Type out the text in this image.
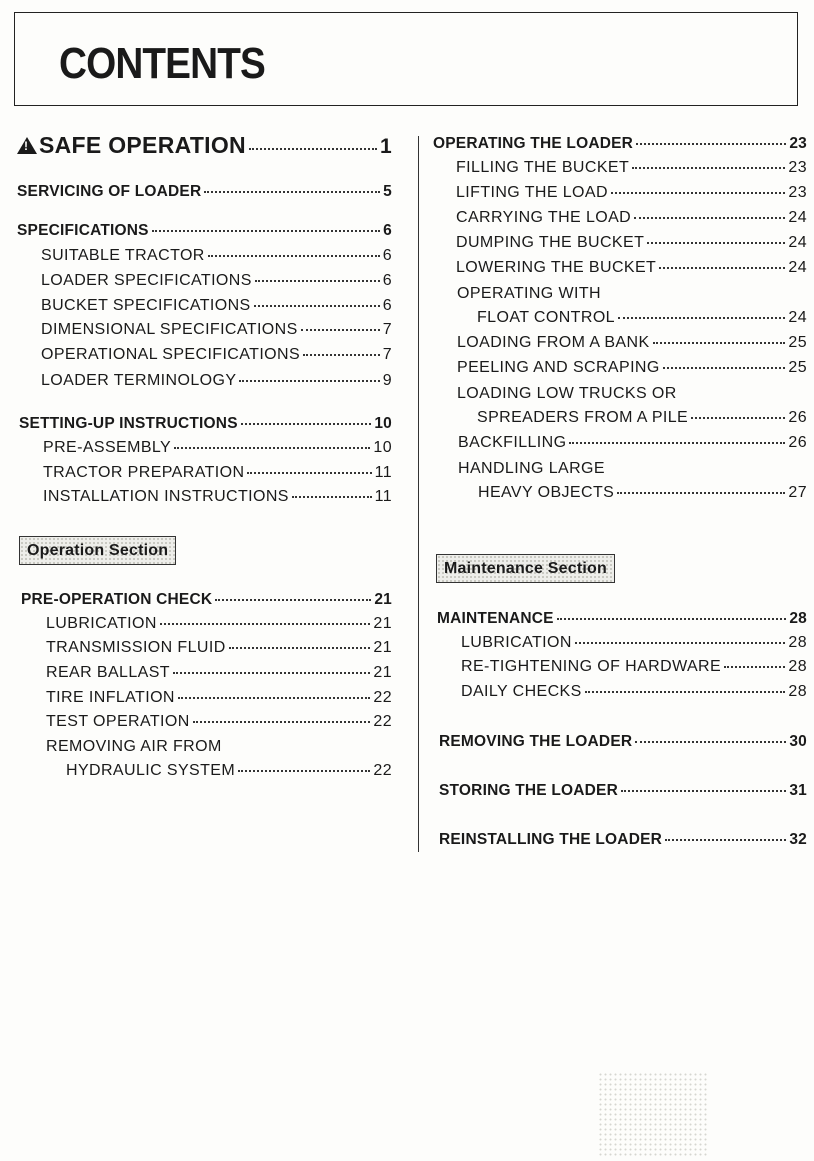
CONTENTS
!SAFE OPERATION	1
SERVICING OF LOADER	5
SPECIFICATIONS	6
SUITABLE TRACTOR	6
LOADER SPECIFICATIONS	6
BUCKET SPECIFICATIONS	6
DIMENSIONAL SPECIFICATIONS	7
OPERATIONAL SPECIFICATIONS	7
LOADER TERMINOLOGY	9
SETTING-UP INSTRUCTIONS	10
PRE-ASSEMBLY	10
TRACTOR PREPARATION	11
INSTALLATION INSTRUCTIONS	11
Operation Section
PRE-OPERATION CHECK	21
LUBRICATION	21
TRANSMISSION FLUID	21
REAR BALLAST	21
TIRE INFLATION	22
TEST OPERATION	22
REMOVING AIR FROM
HYDRAULIC SYSTEM	22
OPERATING THE LOADER	23
FILLING THE BUCKET	23
LIFTING THE LOAD	23
CARRYING THE LOAD	24
DUMPING THE BUCKET	24
LOWERING THE BUCKET	24
OPERATING WITH
FLOAT CONTROL	24
LOADING FROM A BANK	25
PEELING AND SCRAPING	25
LOADING LOW TRUCKS OR
SPREADERS FROM A PILE	26
BACKFILLING	26
HANDLING LARGE
HEAVY OBJECTS	27
Maintenance Section
MAINTENANCE	28
LUBRICATION	28
RE-TIGHTENING OF HARDWARE	28
DAILY CHECKS	28
REMOVING THE LOADER	30
STORING THE LOADER	31
REINSTALLING THE LOADER	32
